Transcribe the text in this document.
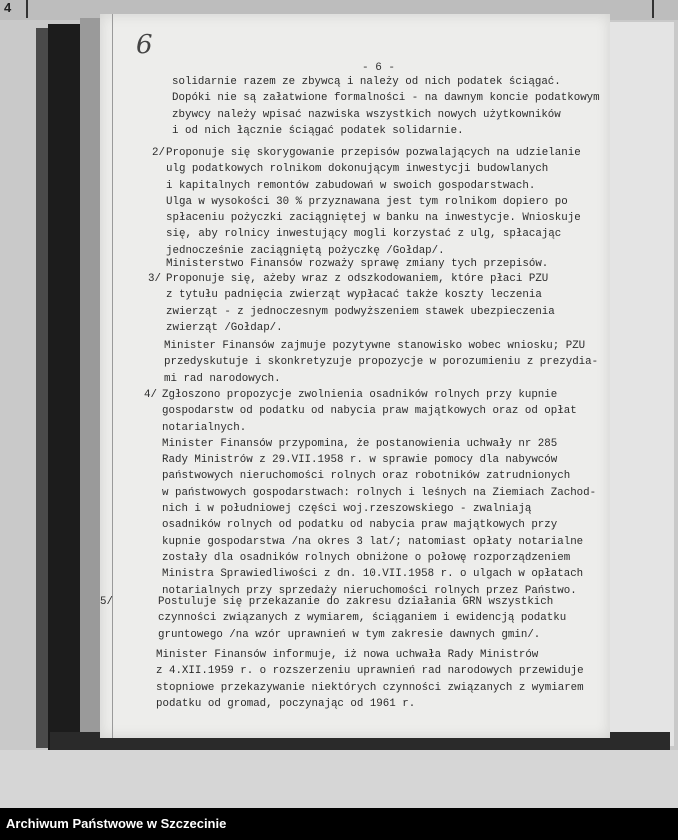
4
6
- 6 -
solidarnie razem ze zbywcą i należy od nich podatek ściągać.
Dopóki nie są załatwione formalności - na dawnym koncie podatkowym
zbywcy należy wpisać nazwiska wszystkich nowych użytkowników
i od nich łącznie ściągać podatek solidarnie.
2/ Proponuje się skorygowanie przepisów pozwalających na udzielanie
ulg podatkowych rolnikom dokonującym inwestycji budowlanych
i kapitalnych remontów zabudowań w swoich gospodarstwach.
Ulga w wysokości 30 % przyznawana jest tym rolnikom dopiero po
spłaceniu pożyczki zaciągniętej w banku na inwestycje. Wnioskuje
się, aby rolnicy inwestujący mogli korzystać z ulg, spłacając
jednocześnie zaciągniętą pożyczkę /Gołdap/.
Ministerstwo Finansów rozważy sprawę zmiany tych przepisów.
3/ Proponuje się, ażeby wraz z odszkodowaniem, które płaci PZU
z tytułu padnięcia zwierząt wypłacać także koszty leczenia
zwierząt - z jednoczesnym podwyższeniem stawek ubezpieczenia
zwierząt /Gołdap/.
Minister Finansów zajmuje pozytywne stanowisko wobec wniosku; PZU
przedyskutuje i skonkretyzuje propozycje w porozumieniu z prezydia-
mi rad narodowych.
4/ Zgłoszono propozycje zwolnienia osadników rolnych przy kupnie
gospodarstw od podatku od nabycia praw majątkowych oraz od opłat
notarialnych.
Minister Finansów przypomina, że postanowienia uchwały nr 285
Rady Ministrów z 29.VII.1958 r. w sprawie pomocy dla nabywców
państwowych nieruchomości rolnych oraz robotników zatrudnionych
w państwowych gospodarstwach: rolnych i leśnych na Ziemiach Zachod-
nich i w południowej części woj.rzeszowskiego - zwalniają
osadników rolnych od podatku od nabycia praw majątkowych przy
kupnie gospodarstwa /na okres 3 lat/; natomiast opłaty notarialne
zostały dla osadników rolnych obniżone o połowę rozporządzeniem
Ministra Sprawiedliwości z dn. 10.VII.1958 r. o ulgach w opłatach
notarialnych przy sprzedaży nieruchomości rolnych przez Państwo.
5/	Postuluje się przekazanie do zakresu działania GRN wszystkich
czynności związanych z wymiarem, ściąganiem i ewidencją podatku
gruntowego /na wzór uprawnień w tym zakresie dawnych gmin/.
Minister Finansów informuje, iż nowa uchwała Rady Ministrów
z 4.XII.1959 r. o rozszerzeniu uprawnień rad narodowych przewiduje
stopniowe przekazywanie niektórych czynności związanych z wymiarem
podatku od gromad, poczynając od 1961 r.
Archiwum Państwowe w Szczecinie
